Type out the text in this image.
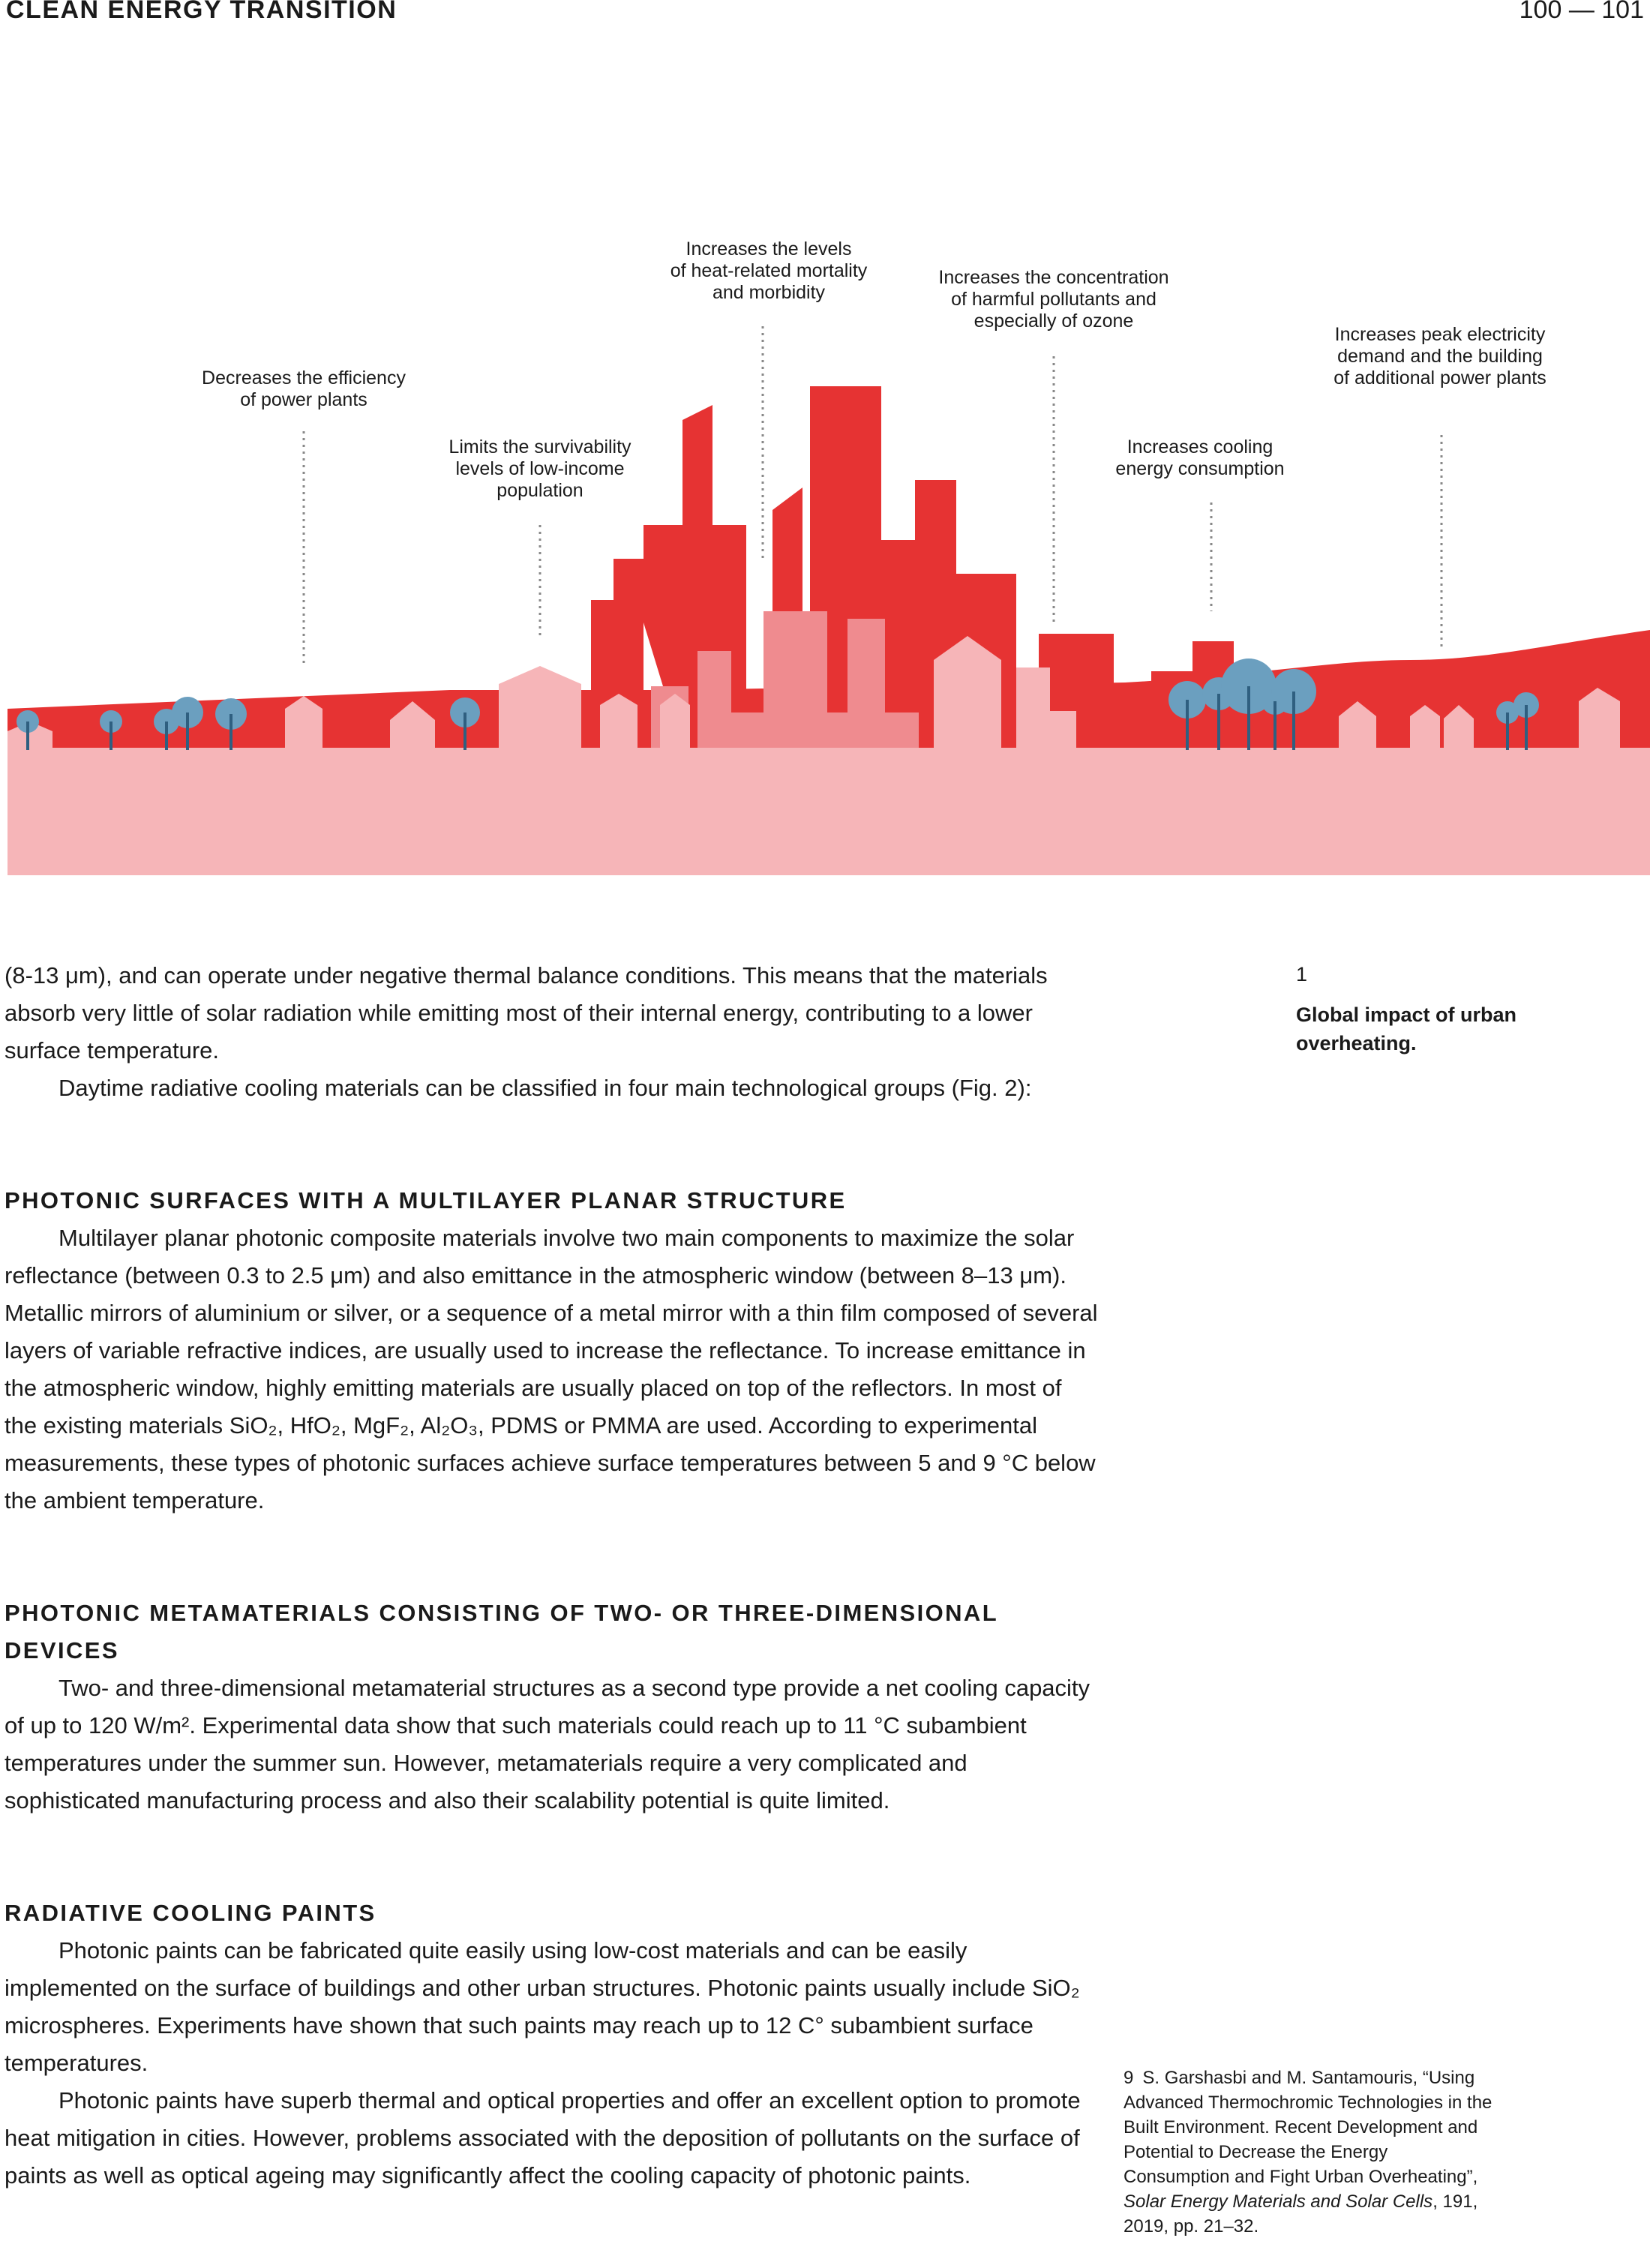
CLEAN ENERGY TRANSITION	100 — 101
Decreases the efficiency
of power plants
Limits the survivability
levels of low-income
population
Increases the levels
of heat-related mortality
and morbidity
Increases the concentration
of harmful pollutants and
especially of ozone
Increases cooling
energy consumption
Increases peak electricity
demand and the building
of additional power plants
1
Global impact of urban overheating.

(8-13 μm), and can operate under negative thermal balance conditions. This means that the materials absorb very little of solar radiation while emitting most of their internal energy, contributing to a lower surface temperature.

Daytime radiative cooling materials can be classified in four main technological groups (Fig. 2):

PHOTONIC SURFACES WITH A MULTILAYER PLANAR STRUCTURE

Multilayer planar photonic composite materials involve two main components to maximize the solar reflectance (between 0.3 to 2.5 μm) and also emittance in the atmospheric window (between 8–13 μm). Metallic mirrors of aluminium or silver, or a sequence of a metal mirror with a thin film composed of several layers of variable refractive indices, are usually used to increase the reflectance. To increase emittance in the atmospheric window, highly emitting materials are usually placed on top of the reflectors. In most of the existing materials SiO₂, HfO₂, MgF₂, Al₂O₃, PDMS or PMMA are used. According to experimental measurements, these types of photonic surfaces achieve surface temperatures between 5 and 9 °C below the ambient temperature.

PHOTONIC METAMATERIALS CONSISTING OF TWO- OR THREE-DIMENSIONAL DEVICES

Two- and three-dimensional metamaterial structures as a second type provide a net cooling capacity of up to 120 W/m². Experimental data show that such materials could reach up to 11 °C subambient temperatures under the summer sun. However, metamaterials require a very complicated and sophisticated manufacturing process and also their scalability potential is quite limited.

RADIATIVE COOLING PAINTS

Photonic paints can be fabricated quite easily using low-cost materials and can be easily implemented on the surface of buildings and other urban structures. Photonic paints usually include SiO₂ microspheres. Experiments have shown that such paints may reach up to 12 C° subambient surface temperatures.

Photonic paints have superb thermal and optical properties and offer an excellent option to promote heat mitigation in cities. However, problems associated with the deposition of pollutants on the surface of paints as well as optical ageing may significantly affect the cooling capacity of photonic paints.

9 S. Garshasbi and M. Santamouris, “Using Advanced Thermochromic Technologies in the Built Environment. Recent Development and Potential to Decrease the Energy Consumption and Fight Urban Overheating”, Solar Energy Materials and Solar Cells, 191, 2019, pp. 21–32.
